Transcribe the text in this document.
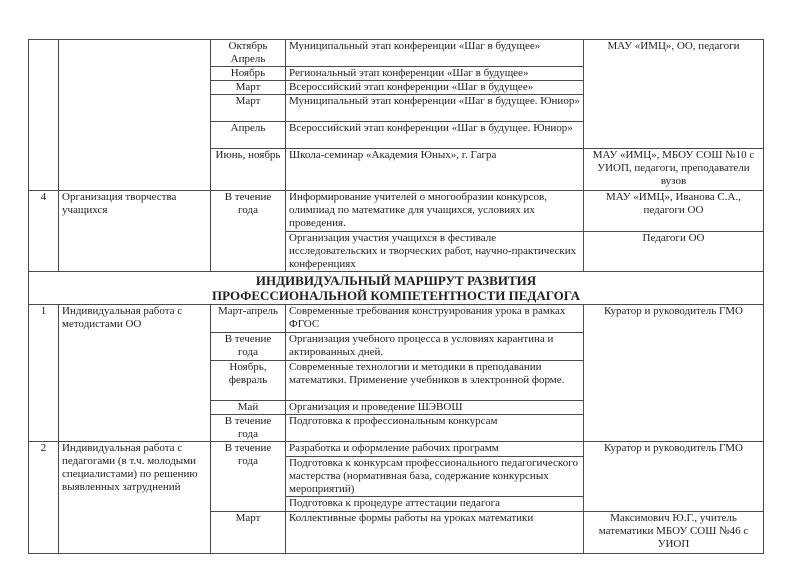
		Октябрь Апрель	Муниципальный этап конференции «Шаг в будущее»	МАУ «ИМЦ», ОО, педагоги
		Ноябрь	Региональный этап конференции «Шаг в будущее»	
		Март	Всероссийский этап конференции «Шаг в будущее»	
		Март	Муниципальный этап конференции «Шаг в будущее. Юниор»	
		Апрель	Всероссийский этап конференции «Шаг в будущее. Юниор»	
		Июнь, ноябрь	Школа-семинар «Академия Юных», г. Гагра	МАУ «ИМЦ», МБОУ СОШ №10 с УИОП, педагоги, преподаватели вузов
4	Организация творчества учащихся	В течение года	Информирование учителей о многообразии конкурсов, олимпиад по математике для учащихся, условиях их проведения.	МАУ «ИМЦ», Иванова С.А., педагоги ОО
			Организация участия учащихся в фестивале исследовательских и творческих работ, научно-практических конференциях	Педагоги ОО

ИНДИВИДУАЛЬНЫЙ МАРШРУТ РАЗВИТИЯ
ПРОФЕССИОНАЛЬНОЙ КОМПЕТЕНТНОСТИ ПЕДАГОГА				

1	Индивидуальная работа с методистами ОО	Март-апрель	Современные требования конструирования урока в рамках ФГОС	Куратор и руководитель ГМО
		В течение года	Организация учебного процесса в условиях карантина и актированных дней.	
		Ноябрь, февраль	Современные технологии и методики в преподавании математики. Применение учебников в электронной форме.	
		Май	Организация и проведение ШЭВОШ	
		В течение года	Подготовка к профессиональным конкурсам	
2	Индивидуальная работа с педагогами (в т.ч. молодыми специалистами) по решению выявленных затруднений	В течение года	Разработка и оформление рабочих программ	Куратор и руководитель ГМО
			Подготовка к конкурсам профессионального педагогического мастерства (нормативная база, содержание конкурсных мероприятий)	
			Подготовка к процедуре аттестации педагога	
		Март	Коллективные формы работы на уроках математики	Максимович Ю.Г., учитель математики МБОУ СОШ №46 с УИОП
